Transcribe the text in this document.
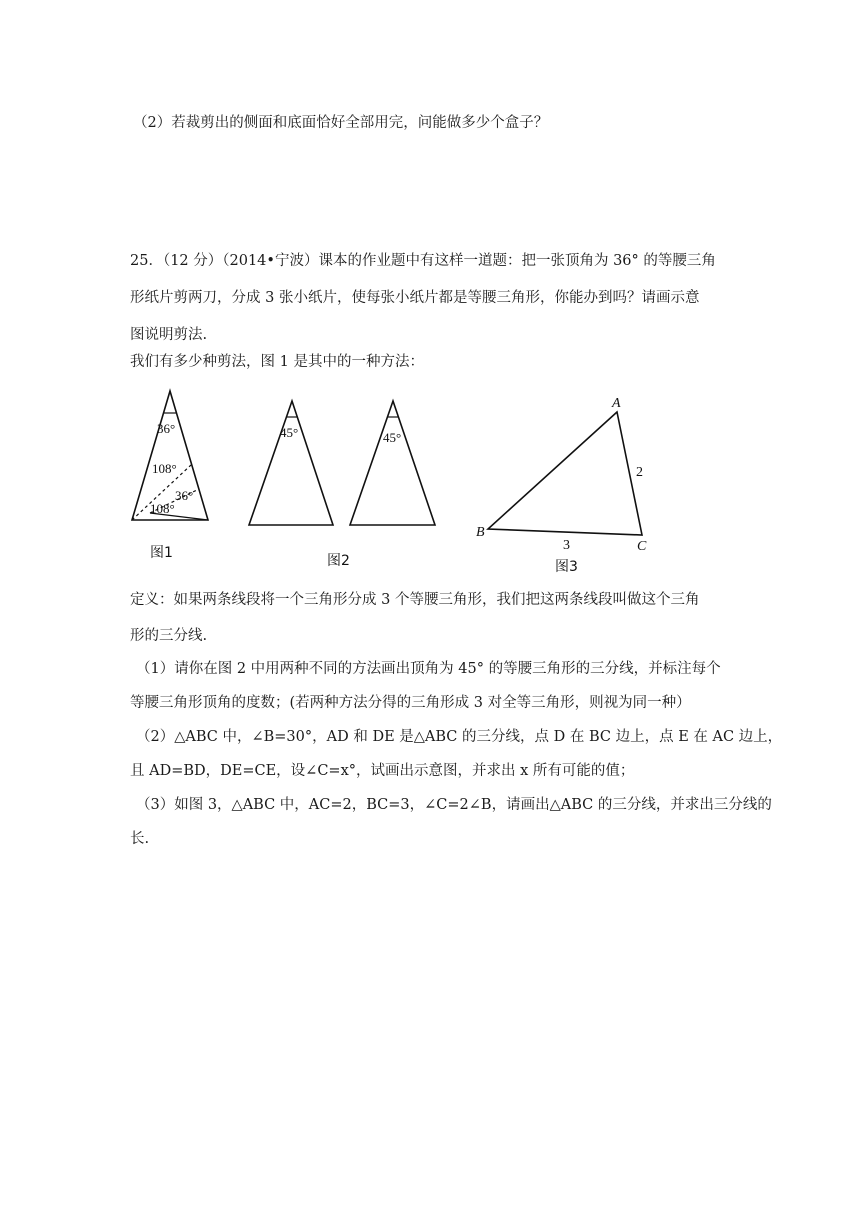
（2）若裁剪出的侧面和底面恰好全部用完，问能做多少个盒子？
25．（12 分）（2014•宁波）课本的作业题中有这样一道题：把一张顶角为 36° 的等腰三角
形纸片剪两刀，分成 3 张小纸片，使每张小纸片都是等腰三角形，你能办到吗？请画示意
图说明剪法.
我们有多少种剪法，图 1 是其中的一种方法：
36°
108°
36°
108°
图1
45°	45°
图2
A
B
C
2
3
图3
定义：如果两条线段将一个三角形分成 3 个等腰三角形，我们把这两条线段叫做这个三角
形的三分线.
（1）请你在图 2 中用两种不同的方法画出顶角为 45° 的等腰三角形的三分线，并标注每个
等腰三角形顶角的度数；(若两种方法分得的三角形成 3 对全等三角形，则视为同一种）
（2）△ABC 中，∠B=30°，AD 和 DE 是△ABC 的三分线，点 D 在 BC 边上，点 E 在 AC 边上，
且 AD=BD，DE=CE，设∠C=x°，试画出示意图，并求出 x 所有可能的值；
（3）如图 3，△ABC 中，AC=2，BC=3，∠C=2∠B，请画出△ABC 的三分线，并求出三分线的
长.
